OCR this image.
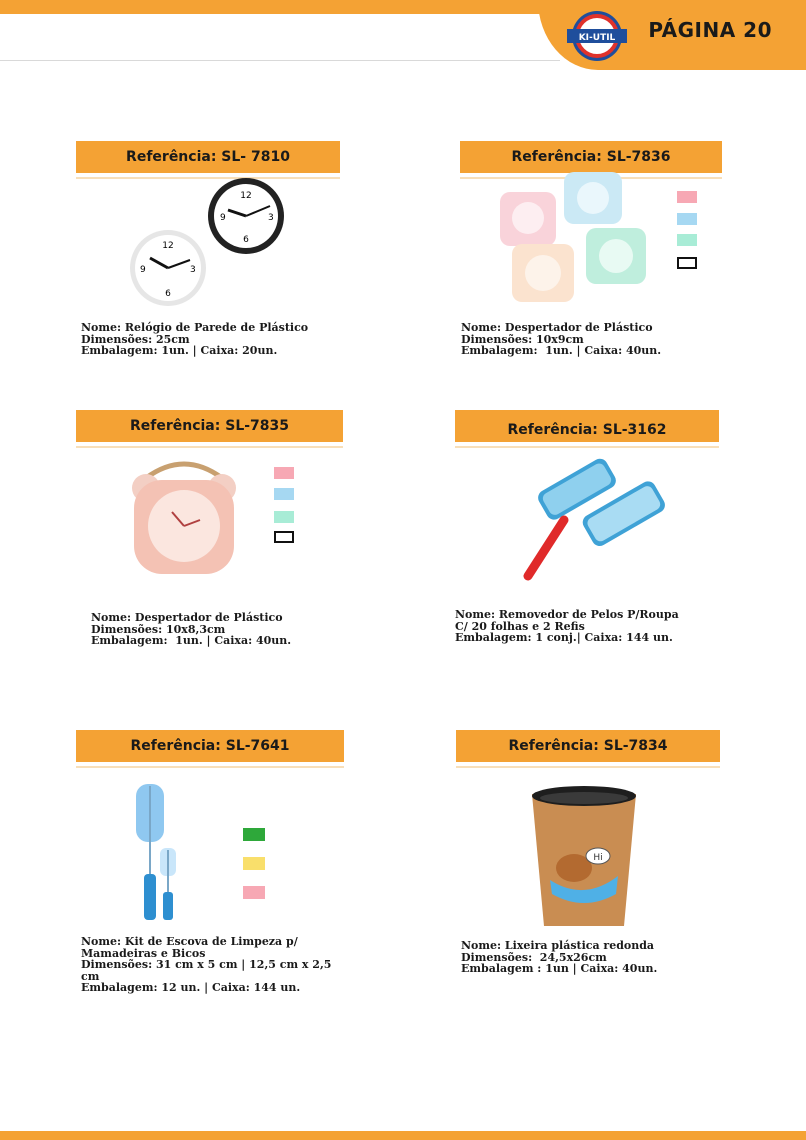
KI-UTIL PÁGINA 20
Referência: SL- 7810
12
6
9	3
12
6
9	3
Nome: Relógio de Parede de Plástico
Dimensões: 25cm
Embalagem: 1un. | Caixa: 20un.
Referência: SL-7836
Nome: Despertador de Plástico
Dimensões: 10x9cm
Embalagem:  1un. | Caixa: 40un.
Referência: SL-7835
Nome: Despertador de Plástico
Dimensões: 10x8,3cm
Embalagem:  1un. | Caixa: 40un.
Referência: SL-3162
Nome: Removedor de Pelos P/Roupa
C/ 20 folhas e 2 Refis
Embalagem: 1 conj.| Caixa: 144 un.
Referência: SL-7641
Nome: Kit de Escova de Limpeza p/
Mamadeiras e Bicos
Dimensões: 31 cm x 5 cm | 12,5 cm x 2,5
cm
Embalagem: 12 un. | Caixa: 144 un.
Referência: SL-7834
Hi
Nome: Lixeira plástica redonda
Dimensões:  24,5x26cm
Embalagem : 1un | Caixa: 40un.
